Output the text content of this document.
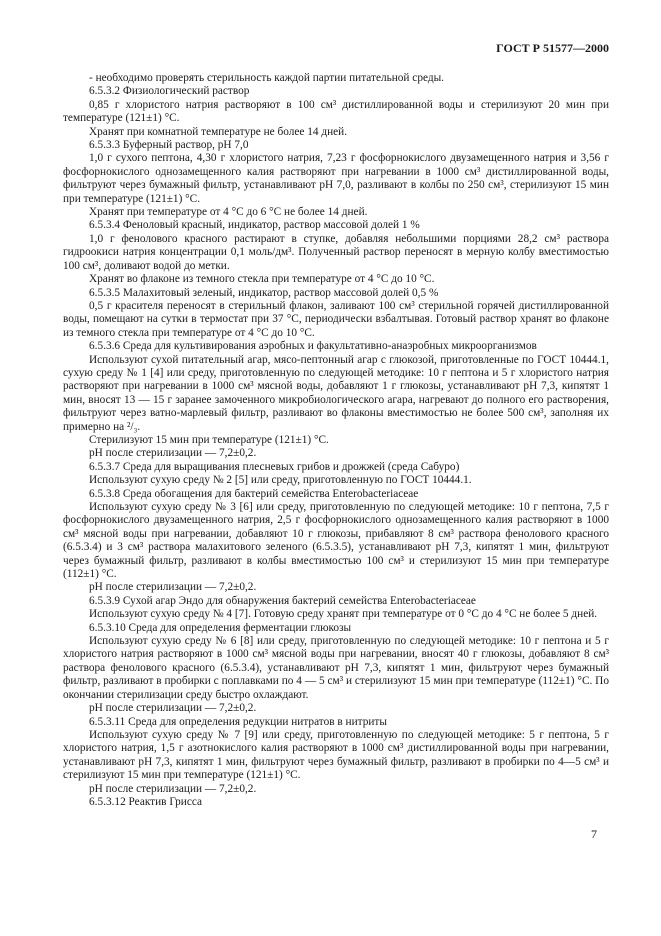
ГОСТ Р 51577—2000

- необходимо проверять стерильность каждой партии питательной среды.

6.5.3.2 Физиологический раствор

0,85 г хлористого натрия растворяют в 100 см³ дистиллированной воды и стерилизуют 20 мин при температуре (121±1) °С.

Хранят при комнатной температуре не более 14 дней.

6.5.3.3 Буферный раствор, рН 7,0

1,0 г сухого пептона, 4,30 г хлористого натрия, 7,23 г фосфорнокислого двузамещенного натрия и 3,56 г фосфорнокислого однозамещенного калия растворяют при нагревании в 1000 см³ дистиллированной воды, фильтруют через бумажный фильтр, устанавливают рН 7,0, разливают в колбы по 250 см³, стерилизуют 15 мин при температуре (121±1) °С.

Хранят при температуре от 4 °С до 6 °С не более 14 дней.

6.5.3.4 Феноловый красный, индикатор, раствор массовой долей 1 %

1,0 г фенолового красного растирают в ступке, добавляя небольшими порциями 28,2 см³ раствора гидроокиси натрия концентрации 0,1 моль/дм³. Полученный раствор переносят в мерную колбу вместимостью 100 см³, доливают водой до метки.

Хранят во флаконе из темного стекла при температуре от 4 °С до 10 °С.

6.5.3.5 Малахитовый зеленый, индикатор, раствор массовой долей 0,5 %

0,5 г красителя переносят в стерильный флакон, заливают 100 см³ стерильной горячей дистиллированной воды, помещают на сутки в термостат при 37 °С, периодически взбалтывая. Готовый раствор хранят во флаконе из темного стекла при температуре от 4 °С до 10 °С.

6.5.3.6 Среда для культивирования аэробных и факультативно-анаэробных микроорганизмов

Используют сухой питательный агар, мясо-пептонный агар с глюкозой, приготовленные по ГОСТ 10444.1, сухую среду № 1 [4] или среду, приготовленную по следующей методике: 10 г пептона и 5 г хлористого натрия растворяют при нагревании в 1000 см³ мясной воды, добавляют 1 г глюкозы, устанавливают рН 7,3, кипятят 1 мин, вносят 13 — 15 г заранее замоченного микробиологического агара, нагревают до полного его растворения, фильтруют через ватно-марлевый фильтр, разливают во флаконы вместимостью не более 500 см³, заполняя их примерно на ²/₃.

Стерилизуют 15 мин при температуре (121±1) °С.

рН после стерилизации — 7,2±0,2.

6.5.3.7 Среда для выращивания плесневых грибов и дрожжей (среда Сабуро)

Используют сухую среду № 2 [5] или среду, приготовленную по ГОСТ 10444.1.

6.5.3.8 Среда обогащения для бактерий семейства Enterobacteriaceae

Используют сухую среду № 3 [6] или среду, приготовленную по следующей методике: 10 г пептона, 7,5 г фосфорнокислого двузамещенного натрия, 2,5 г фосфорнокислого однозамещенного калия растворяют в 1000 см³ мясной воды при нагревании, добавляют 10 г глюкозы, прибавляют 8 см³ раствора фенолового красного (6.5.3.4) и 3 см³ раствора малахитового зеленого (6.5.3.5), устанавливают рН 7,3, кипятят 1 мин, фильтруют через бумажный фильтр, разливают в колбы вместимостью 100 см³ и стерилизуют 15 мин при температуре (112±1) °С.

рН после стерилизации — 7,2±0,2.

6.5.3.9 Сухой агар Эндо для обнаружения бактерий семейства Enterobacteriaceae

Используют сухую среду № 4 [7]. Готовую среду хранят при температуре от 0 °С до 4 °С не более 5 дней.

6.5.3.10 Среда для определения ферментации глюкозы

Используют сухую среду № 6 [8] или среду, приготовленную по следующей методике: 10 г пептона и 5 г хлористого натрия растворяют в 1000 см³ мясной воды при нагревании, вносят 40 г глюкозы, добавляют 8 см³ раствора фенолового красного (6.5.3.4), устанавливают рН 7,3, кипятят 1 мин, фильтруют через бумажный фильтр, разливают в пробирки с поплавками по 4 — 5 см³ и стерилизуют 15 мин при температуре (112±1) °С. По окончании стерилизации среду быстро охлаждают.

рН после стерилизации — 7,2±0,2.

6.5.3.11 Среда для определения редукции нитратов в нитриты

Используют сухую среду № 7 [9] или среду, приготовленную по следующей методике: 5 г пептона, 5 г хлористого натрия, 1,5 г азотнокислого калия растворяют в 1000 см³ дистиллированной воды при нагревании, устанавливают рН 7,3, кипятят 1 мин, фильтруют через бумажный фильтр, разливают в пробирки по 4—5 см³ и стерилизуют 15 мин при температуре (121±1) °С.

рН после стерилизации — 7,2±0,2.

6.5.3.12 Реактив Грисса

7
